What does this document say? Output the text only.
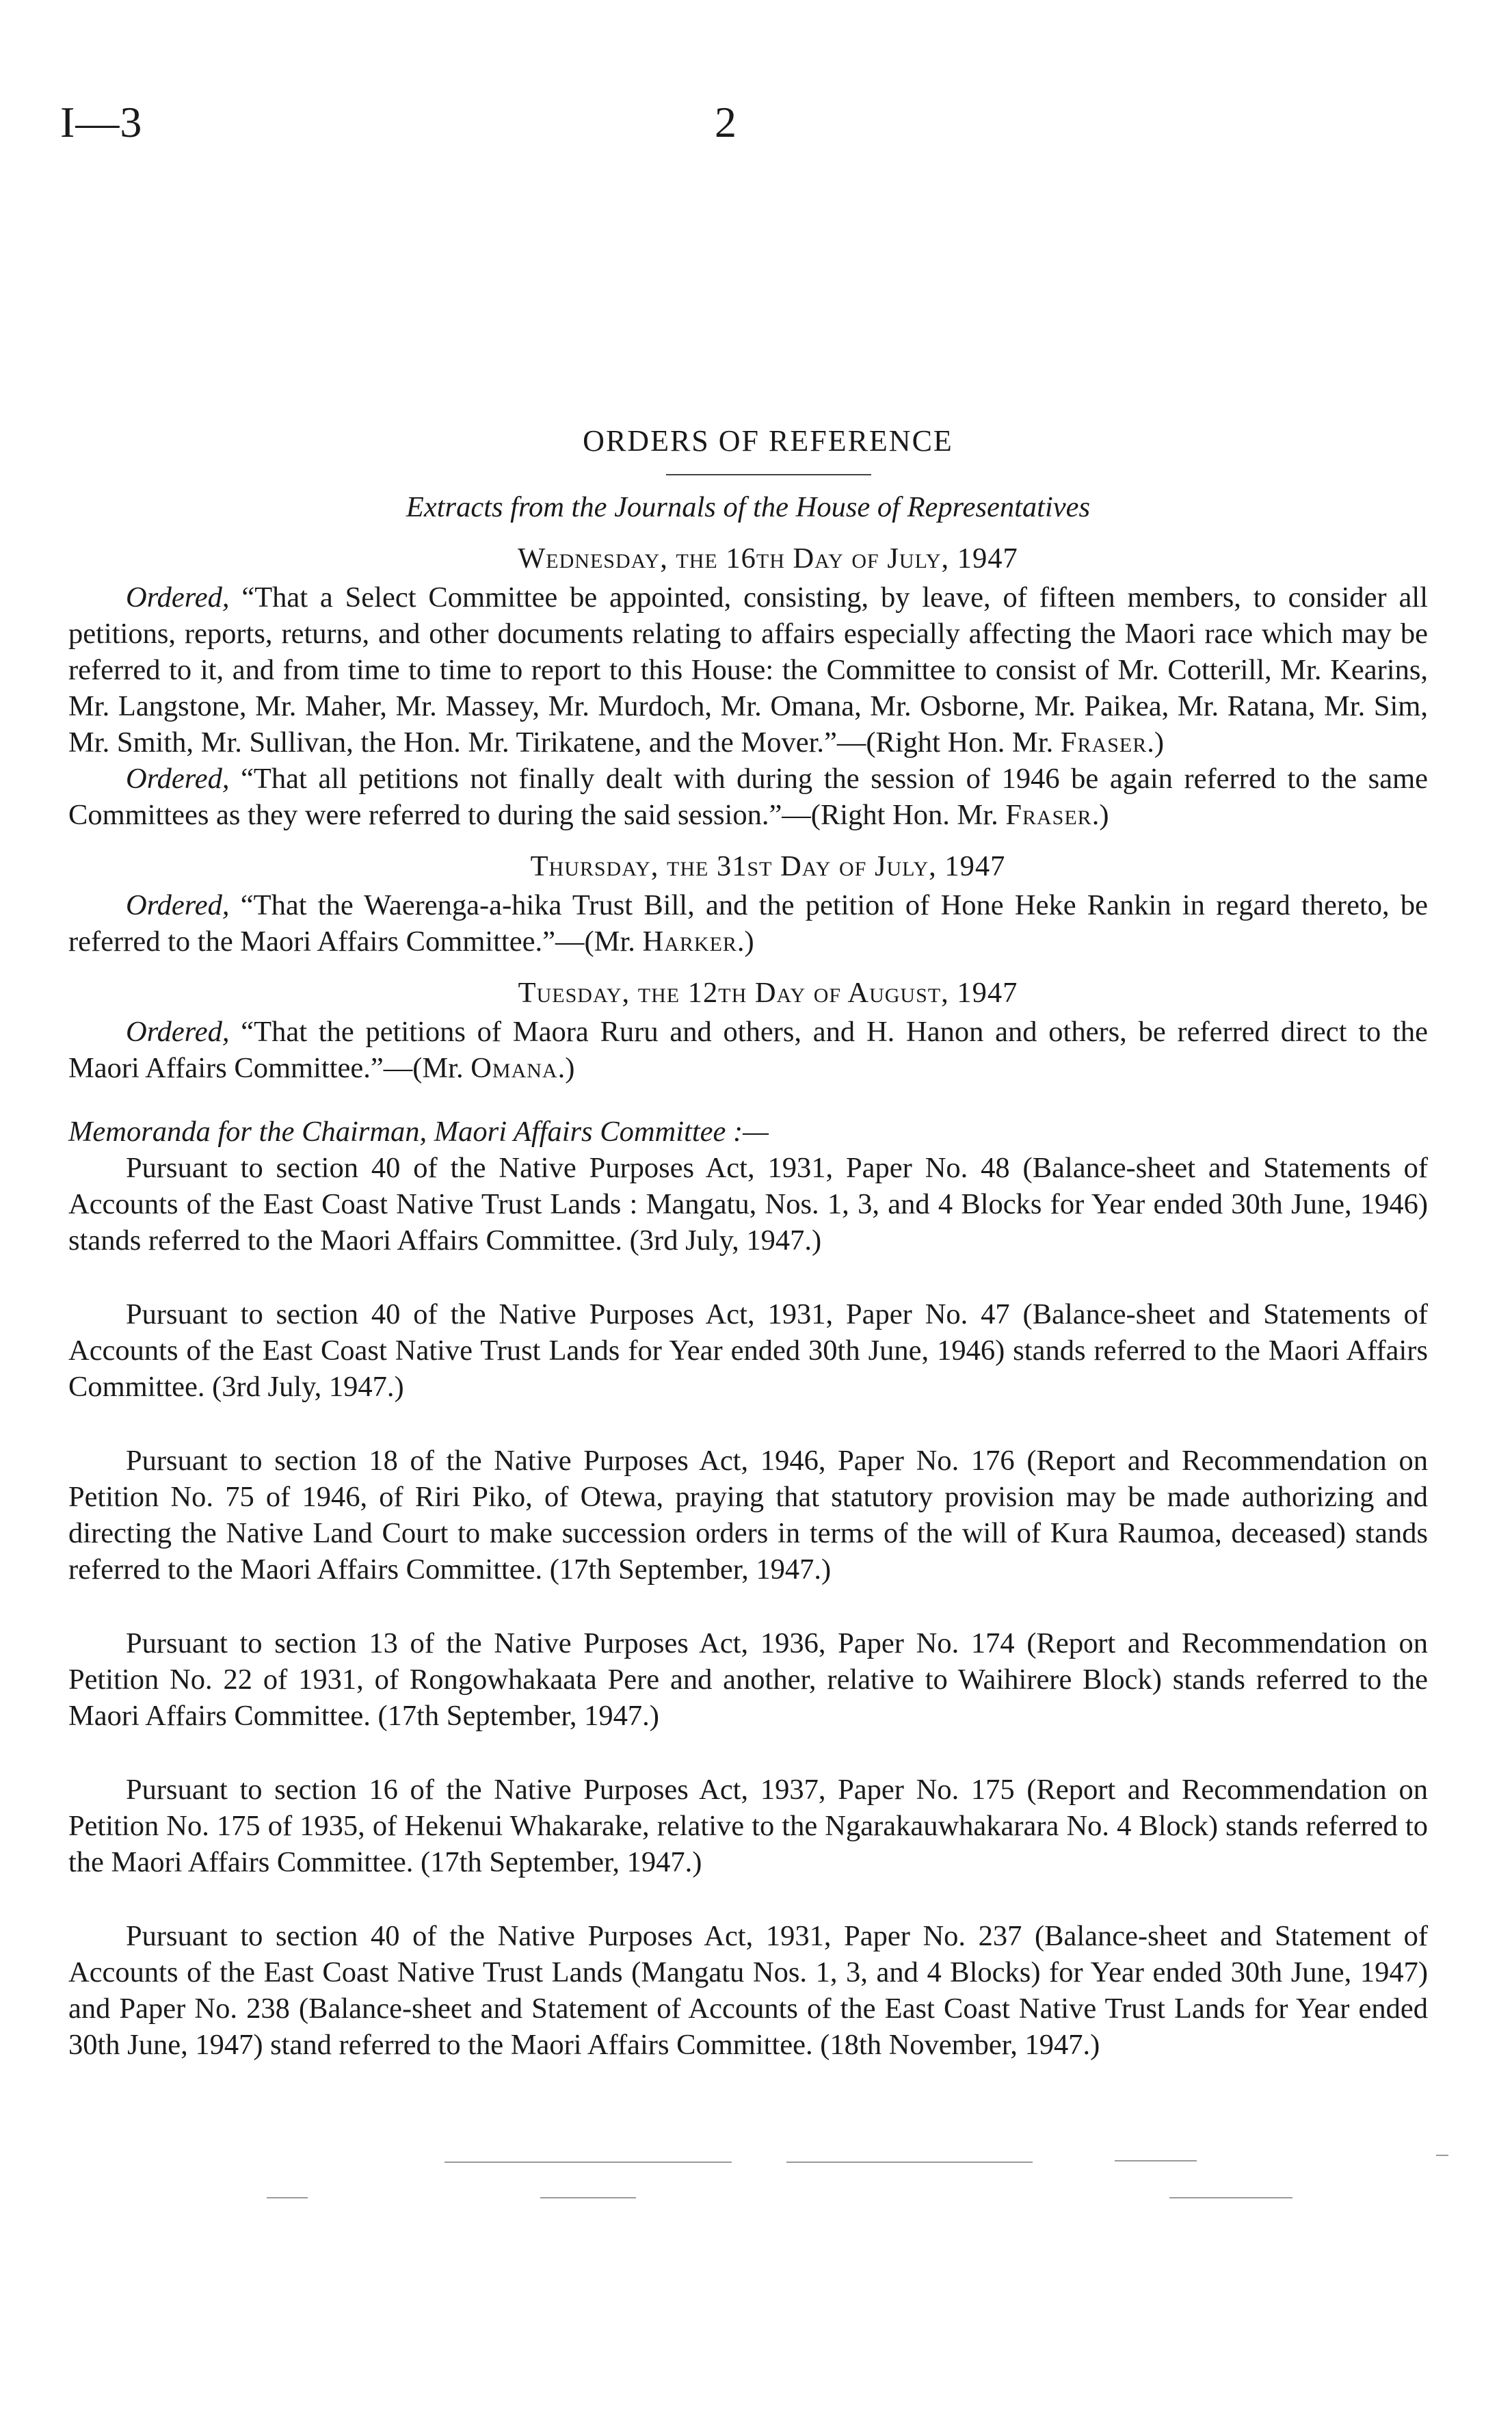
I—3	2
ORDERS OF REFERENCE
Extracts from the Journals of the House of Representatives
Wednesday, the 16th Day of July, 1947

Ordered, “That a Select Committee be appointed, consisting, by leave, of fifteen members, to consider all petitions, reports, returns, and other documents relating to affairs especially affecting the Maori race which may be referred to it, and from time to time to report to this House: the Committee to consist of Mr. Cotterill, Mr. Kearins, Mr. Langstone, Mr. Maher, Mr. Massey, Mr. Murdoch, Mr. Omana, Mr. Osborne, Mr. Paikea, Mr. Ratana, Mr. Sim, Mr. Smith, Mr. Sullivan, the Hon. Mr. Tirikatene, and the Mover.”—(Right Hon. Mr. Fraser.)

Ordered, “That all petitions not finally dealt with during the session of 1946 be again referred to the same Committees as they were referred to during the said session.”—(Right Hon. Mr. Fraser.)

Thursday, the 31st Day of July, 1947

Ordered, “That the Waerenga-a-hika Trust Bill, and the petition of Hone Heke Rankin in regard thereto, be referred to the Maori Affairs Committee.”—(Mr. Harker.)

Tuesday, the 12th Day of August, 1947

Ordered, “That the petitions of Maora Ruru and others, and H. Hanon and others, be referred direct to the Maori Affairs Committee.”—(Mr. Omana.)

Memoranda for the Chairman, Maori Affairs Committee :—

Pursuant to section 40 of the Native Purposes Act, 1931, Paper No. 48 (Balance-sheet and Statements of Accounts of the East Coast Native Trust Lands : Mangatu, Nos. 1, 3, and 4 Blocks for Year ended 30th June, 1946) stands referred to the Maori Affairs Committee. (3rd July, 1947.)

Pursuant to section 40 of the Native Purposes Act, 1931, Paper No. 47 (Balance-sheet and Statements of Accounts of the East Coast Native Trust Lands for Year ended 30th June, 1946) stands referred to the Maori Affairs Committee. (3rd July, 1947.)

Pursuant to section 18 of the Native Purposes Act, 1946, Paper No. 176 (Report and Recommendation on Petition No. 75 of 1946, of Riri Piko, of Otewa, praying that statutory provision may be made authorizing and directing the Native Land Court to make succession orders in terms of the will of Kura Raumoa, deceased) stands referred to the Maori Affairs Committee. (17th September, 1947.)

Pursuant to section 13 of the Native Purposes Act, 1936, Paper No. 174 (Report and Recommendation on Petition No. 22 of 1931, of Rongowhakaata Pere and another, relative to Waihirere Block) stands referred to the Maori Affairs Committee. (17th September, 1947.)

Pursuant to section 16 of the Native Purposes Act, 1937, Paper No. 175 (Report and Recommendation on Petition No. 175 of 1935, of Hekenui Whakarake, relative to the Ngarakauwhakarara No. 4 Block) stands referred to the Maori Affairs Committee. (17th September, 1947.)

Pursuant to section 40 of the Native Purposes Act, 1931, Paper No. 237 (Balance-sheet and Statement of Accounts of the East Coast Native Trust Lands (Mangatu Nos. 1, 3, and 4 Blocks) for Year ended 30th June, 1947) and Paper No. 238 (Balance-sheet and Statement of Accounts of the East Coast Native Trust Lands for Year ended 30th June, 1947) stand referred to the Maori Affairs Committee. (18th November, 1947.)
